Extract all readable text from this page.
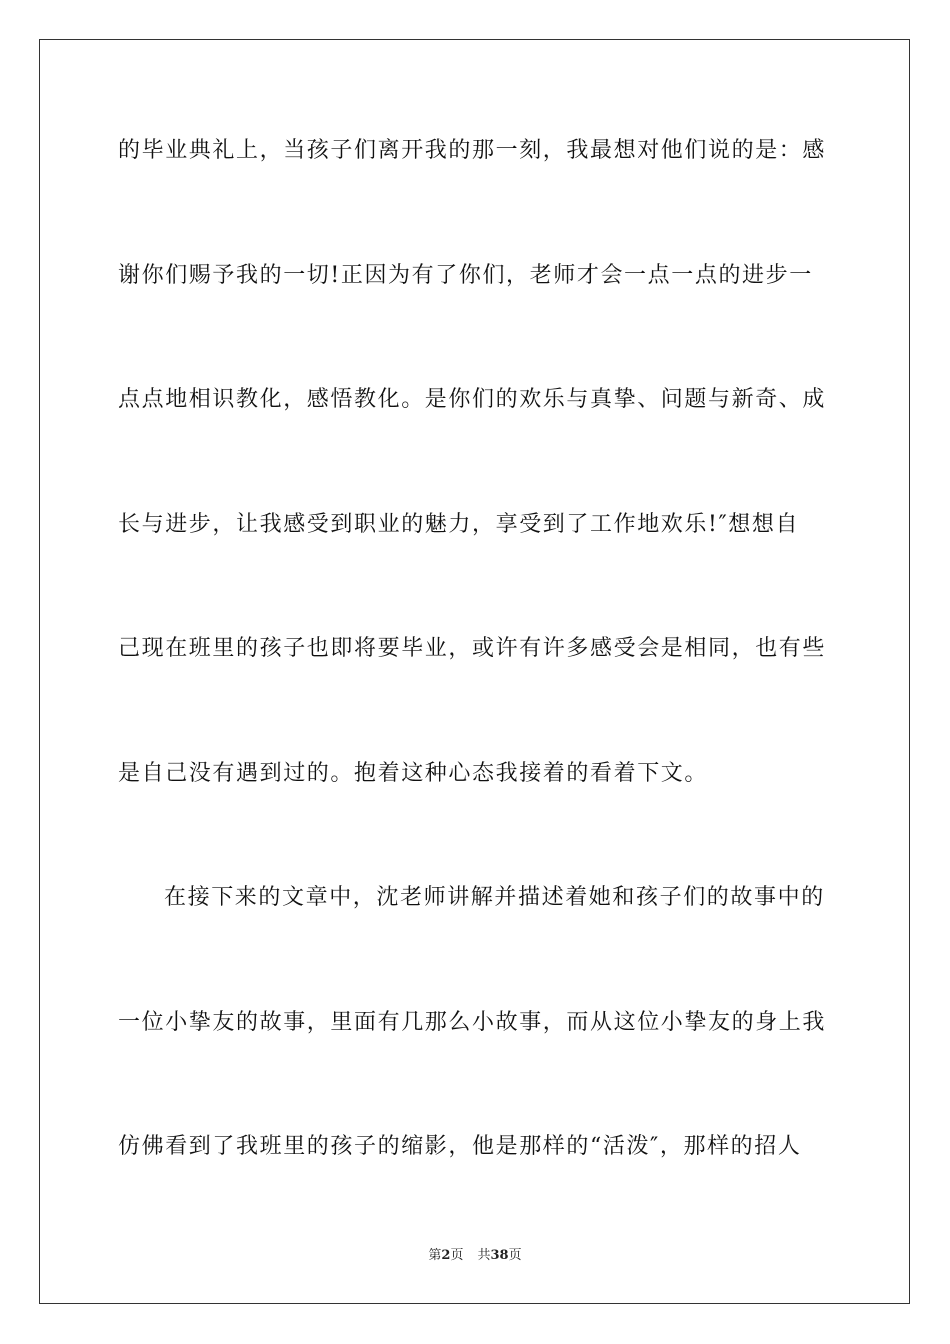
的毕业典礼上，当孩子们离开我的那一刻，我最想对他们说的是：感
谢你们赐予我的一切!正因为有了你们，老师才会一点一点的进步一
点点地相识教化，感悟教化。是你们的欢乐与真挚、问题与新奇、成
长与进步，让我感受到职业的魅力，享受到了工作地欢乐!″想想自
己现在班里的孩子也即将要毕业，或许有许多感受会是相同，也有些
是自己没有遇到过的。抱着这种心态我接着的看着下文。
在接下来的文章中，沈老师讲解并描述着她和孩子们的故事中的
一位小挚友的故事，里面有几那么小故事，而从这位小挚友的身上我
仿佛看到了我班里的孩子的缩影，他是那样的“活泼″，那样的招人
第2页 共38页
